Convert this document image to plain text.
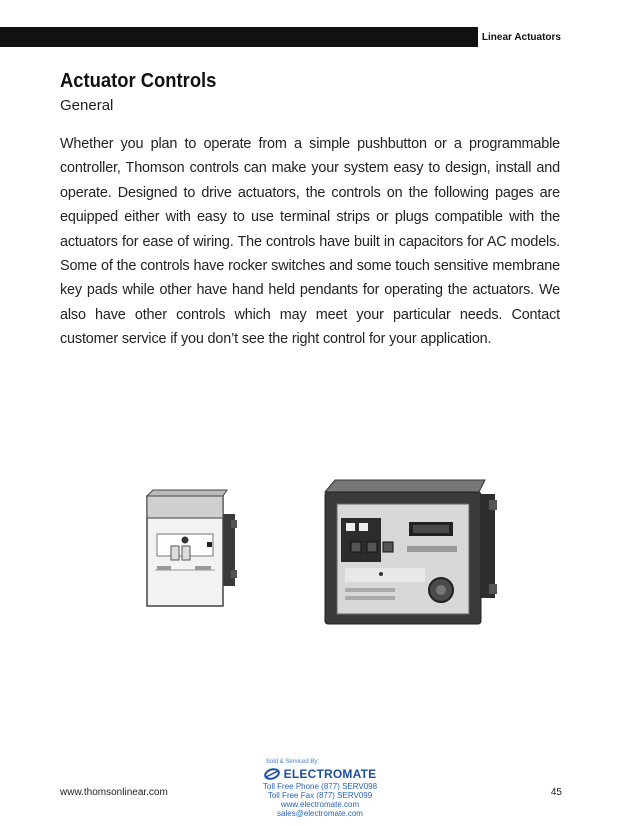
Linear Actuators
Actuator Controls
General
Whether you plan to operate from a simple pushbutton or a programmable controller, Thomson controls can make your system easy to design, install and operate. Designed to drive actuators, the controls on the following pages are equipped either with easy to use terminal strips or plugs compatible with the actuators for ease of wiring. The controls have built in capacitors for AC models. Some of the controls have rocker switches and some touch sensitive membrane key pads while other have hand held pendants for operating the actuators. We also have other controls which may meet your particular needs. Contact customer service if you don’t see the right control for your application.
Sold & Serviced By:
ELECTROMATE
Toll Free Phone (877) SERV098
Toll Free Fax (877) SERV099
www.electromate.com
sales@electromate.com
www.thomsonlinear.com	45
